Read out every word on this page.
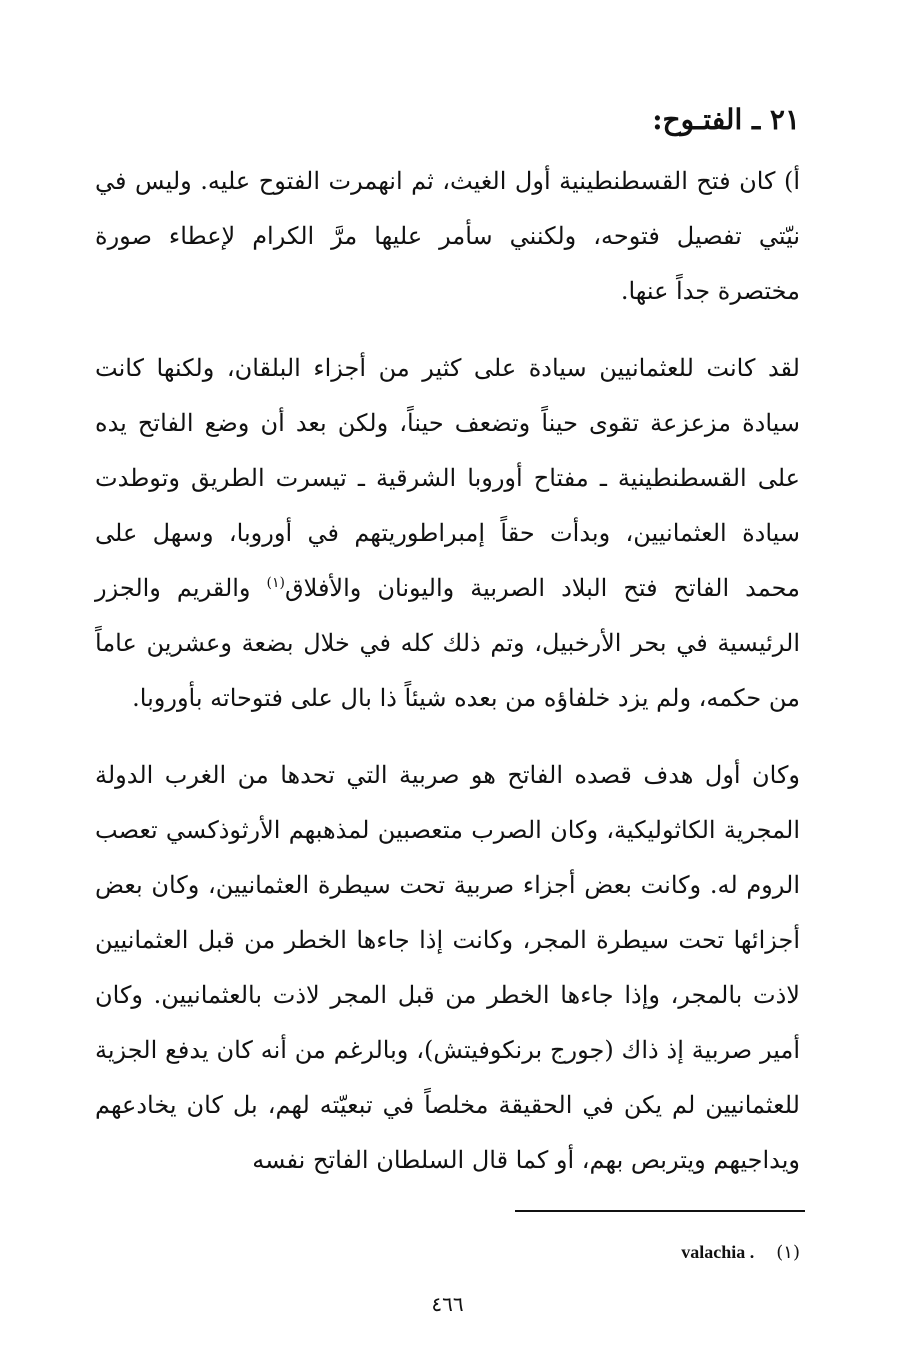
٢١ ـ الفتـوح:

أ) كان فتح القسطنطينية أول الغيث، ثم انهمرت الفتوح عليه. وليس في نيّتي تفصيل فتوحه، ولكنني سأمر عليها مرَّ الكرام لإعطاء صورة مختصرة جداً عنها.

لقد كانت للعثمانيين سيادة على كثير من أجزاء البلقان، ولكنها كانت سيادة مزعزعة تقوى حيناً وتضعف حيناً، ولكن بعد أن وضع الفاتح يده على القسطنطينية ـ مفتاح أوروبا الشرقية ـ تيسرت الطريق وتوطدت سيادة العثمانيين، وبدأت حقاً إمبراطوريتهم في أوروبا، وسهل على محمد الفاتح فتح البلاد الصربية واليونان والأفلاق$^{(١)}$ والقريم والجزر الرئيسية في بحر الأرخبيل، وتم ذلك كله في خلال بضعة وعشرين عاماً من حكمه، ولم يزد خلفاؤه من بعده شيئاً ذا بال على فتوحاته بأوروبا.

وكان أول هدف قصده الفاتح هو صربية التي تحدها من الغرب الدولة المجرية الكاثوليكية، وكان الصرب متعصبين لمذهبهم الأرثوذكسي تعصب الروم له. وكانت بعض أجزاء صربية تحت سيطرة العثمانيين، وكان بعض أجزائها تحت سيطرة المجر، وكانت إذا جاءها الخطر من قبل العثمانيين لاذت بالمجر، وإذا جاءها الخطر من قبل المجر لاذت بالعثمانيين. وكان أمير صربية إذ ذاك (جورج برنكوفيتش)، وبالرغم من أنه كان يدفع الجزية للعثمانيين لم يكن في الحقيقة مخلصاً في تبعيّته لهم، بل كان يخادعهم ويداجيهم ويتربص بهم، أو كما قال السلطان الفاتح نفسه

(١)valachia .
٤٦٦
